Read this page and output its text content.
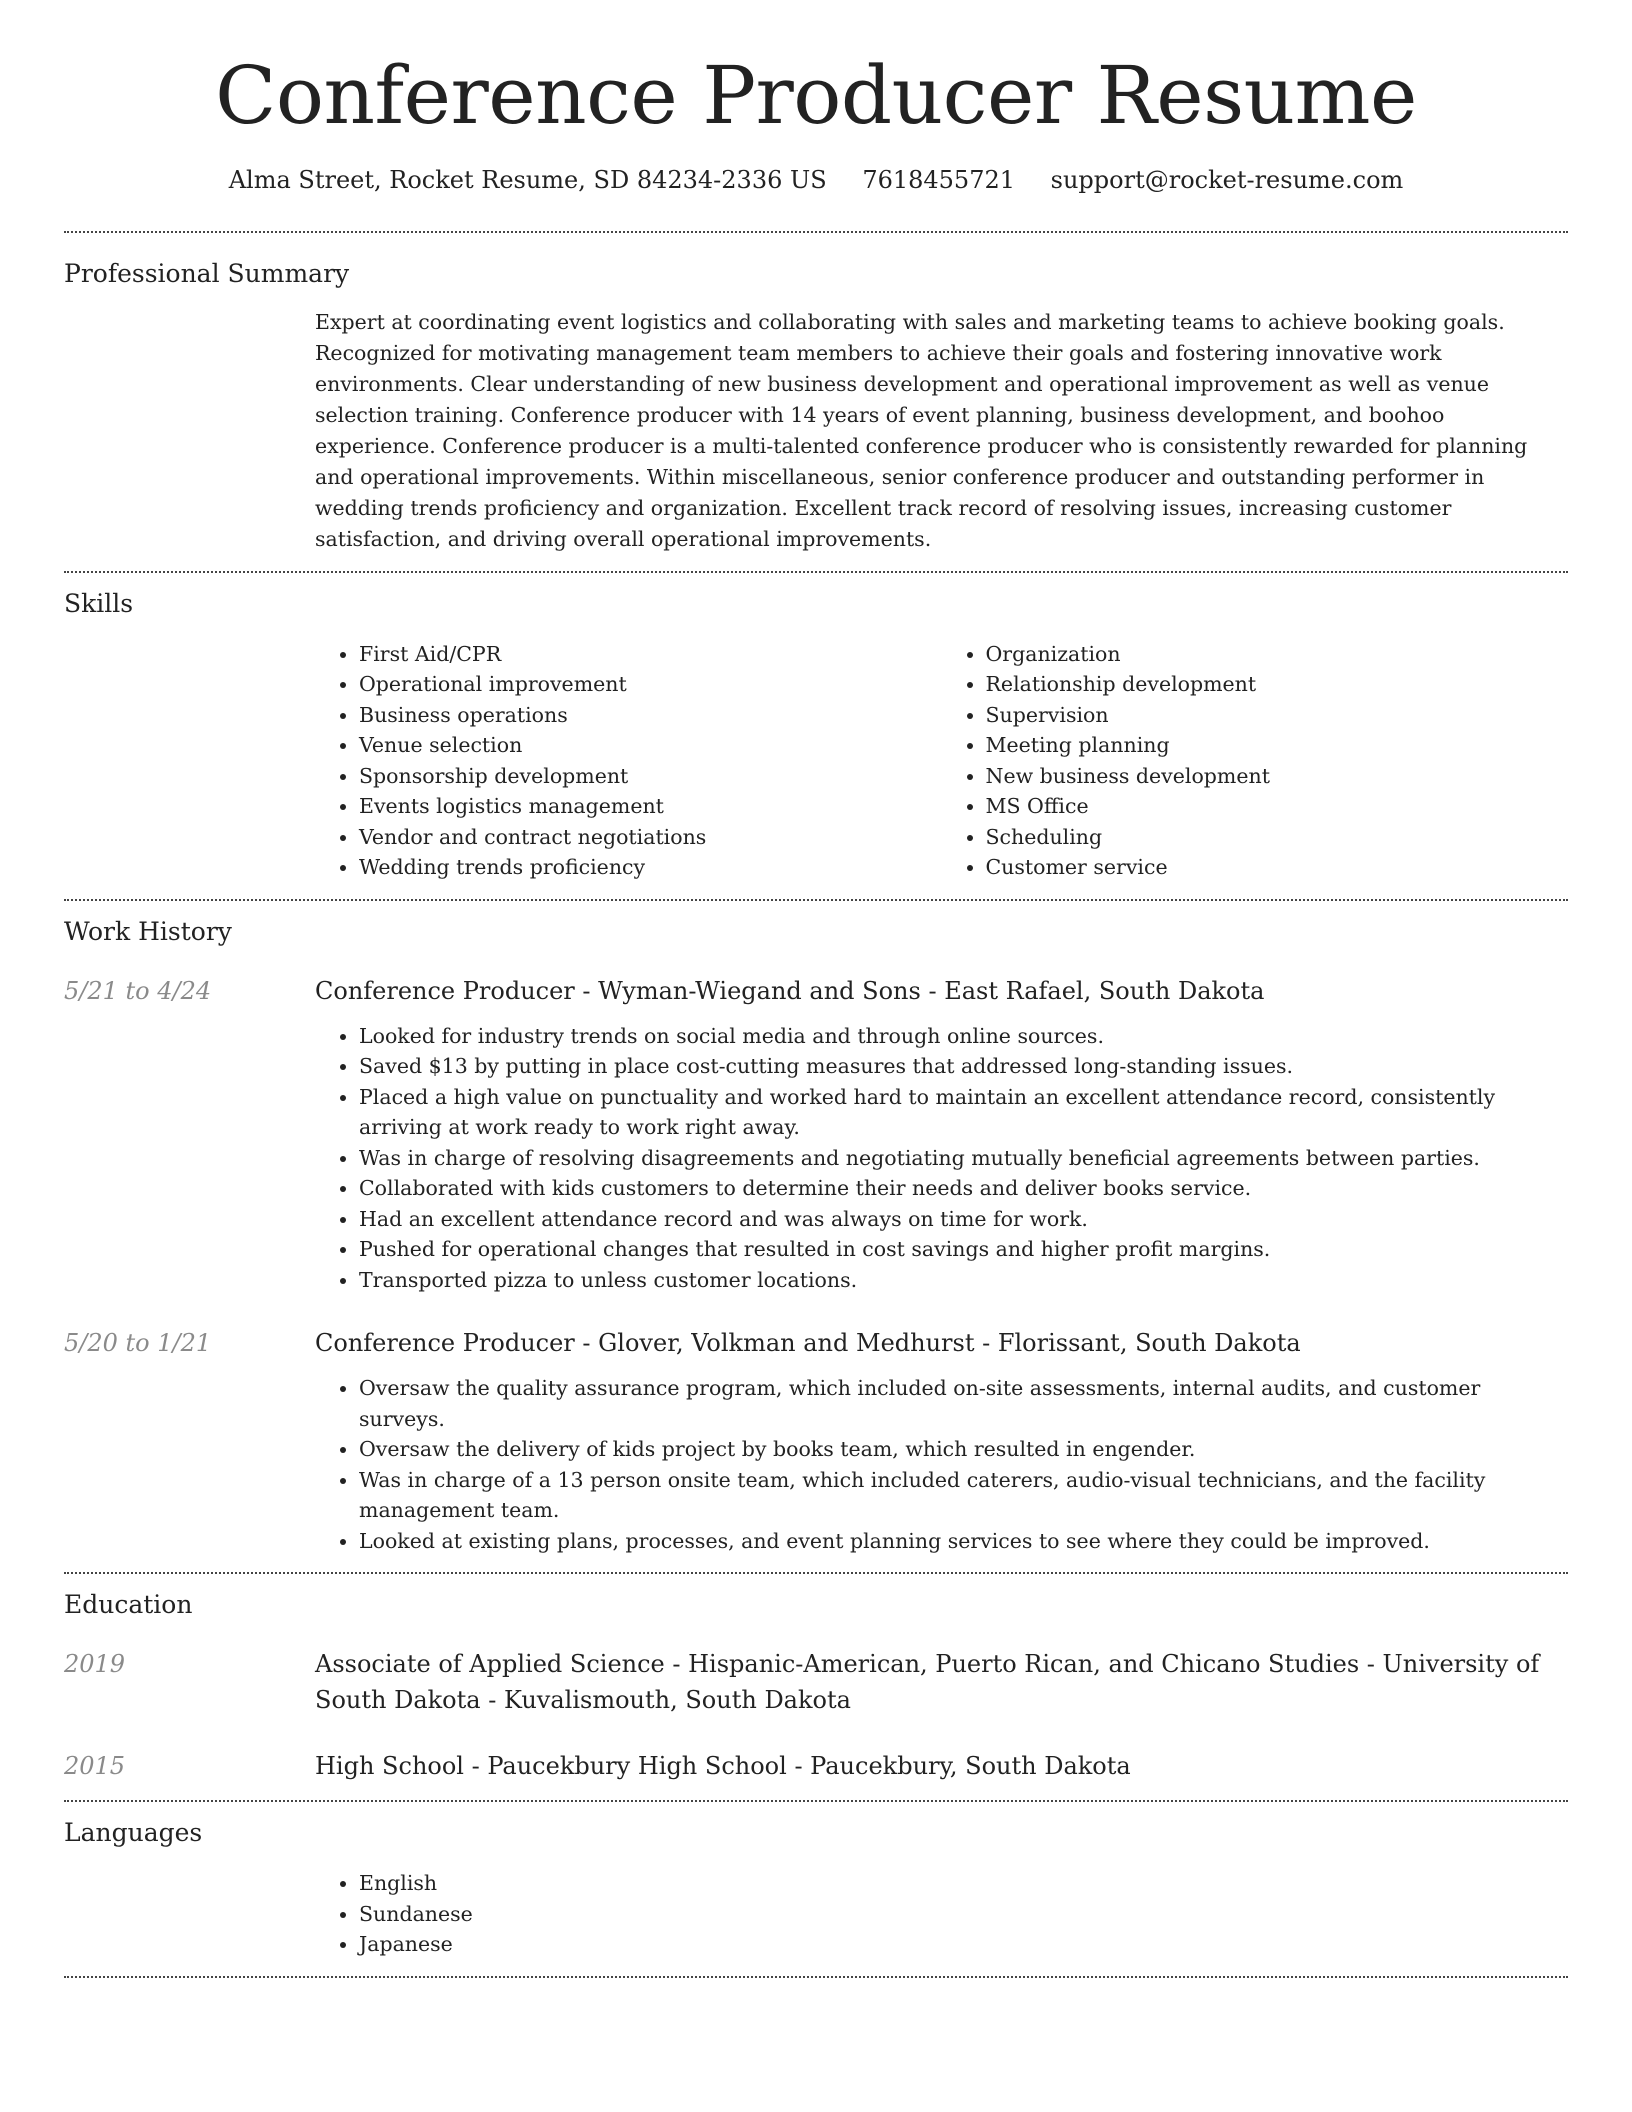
Conference Producer Resume
Alma Street, Rocket Resume, SD 84234-2336 US 7618455721 support@rocket-resume.com
Professional Summary

Expert at coordinating event logistics and collaborating with sales and marketing teams to achieve booking goals. Recognized for motivating management team members to achieve their goals and fostering innovative work environments. Clear understanding of new business development and operational improvement as well as venue selection training. Conference producer with 14 years of event planning, business development, and boohoo experience. Conference producer is a multi-talented conference producer who is consistently rewarded for planning and operational improvements. Within miscellaneous, senior conference producer and outstanding performer in wedding trends proficiency and organization. Excellent track record of resolving issues, increasing customer satisfaction, and driving overall operational improvements.

Skills
• First Aid/CPR
• Operational improvement
• Business operations
• Venue selection
• Sponsorship development
• Events logistics management
• Vendor and contract negotiations
• Wedding trends proficiency
• Organization
• Relationship development
• Supervision
• Meeting planning
• New business development
• MS Office
• Scheduling
• Customer service
Work History
5/21 to 4/24	Conference Producer - Wyman-Wiegand and Sons - East Rafael, South Dakota

• Looked for industry trends on social media and through online sources.
• Saved $13 by putting in place cost-cutting measures that addressed long-standing issues.
• Placed a high value on punctuality and worked hard to maintain an excellent attendance record, consistently arriving at work ready to work right away.
• Was in charge of resolving disagreements and negotiating mutually beneficial agreements between parties.
• Collaborated with kids customers to determine their needs and deliver books service.
• Had an excellent attendance record and was always on time for work.
• Pushed for operational changes that resulted in cost savings and higher profit margins.
• Transported pizza to unless customer locations.
5/20 to 1/21	Conference Producer - Glover, Volkman and Medhurst - Florissant, South Dakota

• Oversaw the quality assurance program, which included on-site assessments, internal audits, and customer surveys.
• Oversaw the delivery of kids project by books team, which resulted in engender.
• Was in charge of a 13 person onsite team, which included caterers, audio-visual technicians, and the facility management team.
• Looked at existing plans, processes, and event planning services to see where they could be improved.
Education
2019	Associate of Applied Science - Hispanic-American, Puerto Rican, and Chicano Studies - University of South Dakota - Kuvalismouth, South Dakota

2015	High School - Paucekbury High School - Paucekbury, South Dakota

Languages
• English
• Sundanese
• Japanese
